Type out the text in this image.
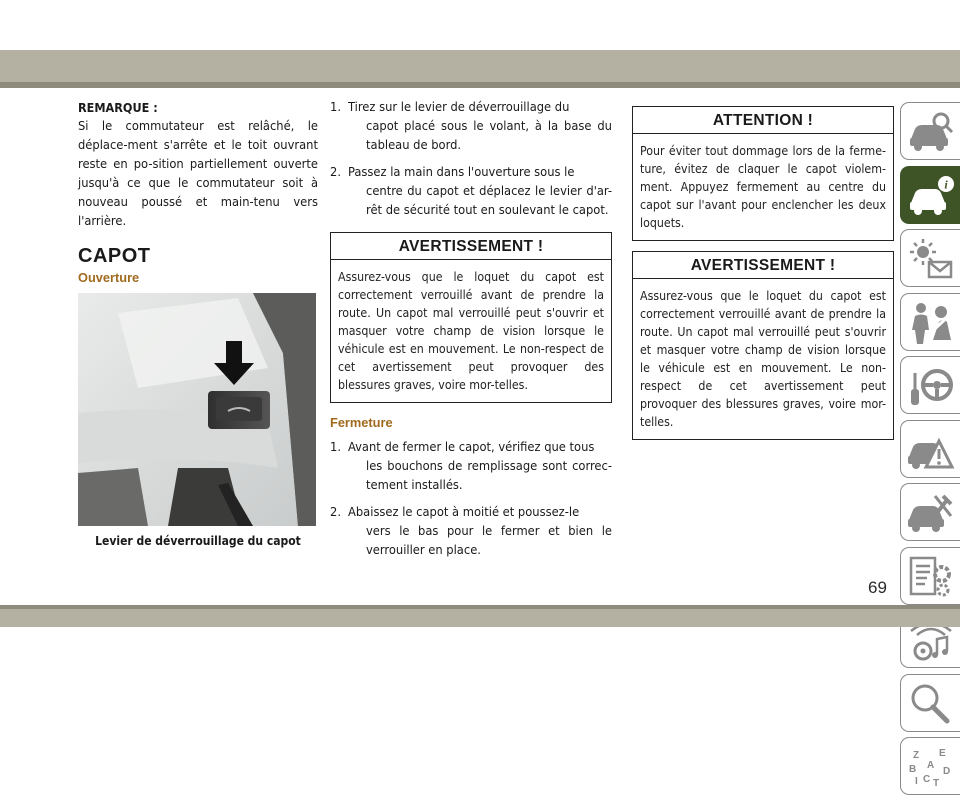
REMARQUE :

Si le commutateur est relâché, le déplace-ment s'arrête et le toit ouvrant reste en po-sition partiellement ouverte jusqu'à ce que le commutateur soit à nouveau poussé et main-tenu vers l'arrière.

CAPOT
Ouverture
Levier de déverrouillage du capot
1. Tirez sur le levier de déverrouillage du
capot placé sous le volant, à la base du tableau de bord.
2. Passez la main dans l'ouverture sous le
centre du capot et déplacez le levier d'ar-rêt de sécurité tout en soulevant le capot.
AVERTISSEMENT !
Assurez-vous que le loquet du capot est correctement verrouillé avant de prendre la route. Un capot mal verrouillé peut s'ouvrir et masquer votre champ de vision lorsque le véhicule est en mouvement. Le non-respect de cet avertissement peut provoquer des blessures graves, voire mor-telles.
Fermeture
1. Avant de fermer le capot, vérifiez que tous
les bouchons de remplissage sont correc-tement installés.
2. Abaissez le capot à moitié et poussez-le
vers le bas pour le fermer et bien le verrouiller en place.
ATTENTION !
Pour éviter tout dommage lors de la ferme-ture, évitez de claquer le capot violem-ment. Appuyez fermement au centre du capot sur l'avant pour enclencher les deux loquets.
AVERTISSEMENT !
Assurez-vous que le loquet du capot est correctement verrouillé avant de prendre la route. Un capot mal verrouillé peut s'ouvrir et masquer votre champ de vision lorsque le véhicule est en mouvement. Le non-respect de cet avertissement peut provoquer des blessures graves, voire mor-telles.
i
Z E
B A
I C
D
T
69
